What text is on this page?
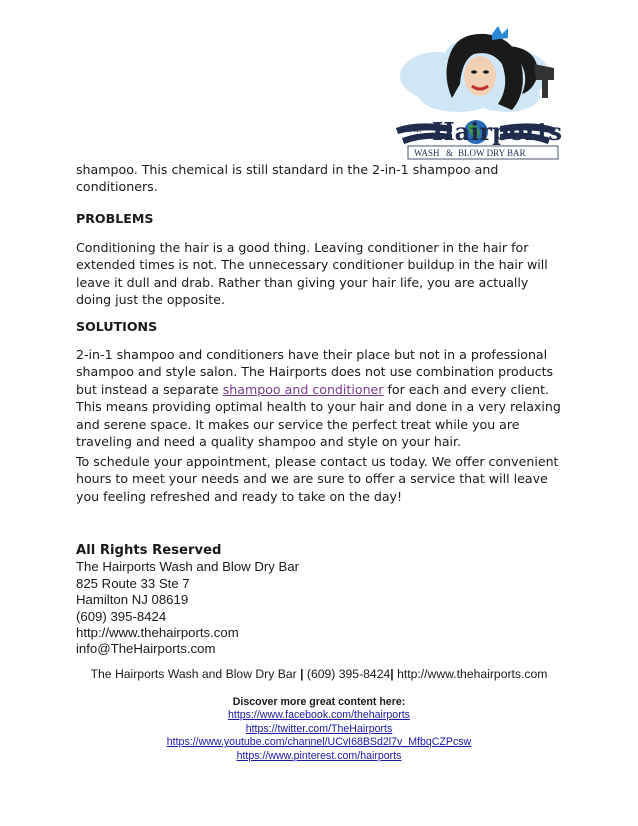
THE Hairports
WASH & BLOW DRY BAR

shampoo. This chemical is still standard in the 2-in-1 shampoo and conditioners.

PROBLEMS

Conditioning the hair is a good thing. Leaving conditioner in the hair for extended times is not. The unnecessary conditioner buildup in the hair will leave it dull and drab. Rather than giving your hair life, you are actually doing just the opposite.

SOLUTIONS

2-in-1 shampoo and conditioners have their place but not in a professional shampoo and style salon. The Hairports does not use combination products but instead a separate shampoo and conditioner for each and every client. This means providing optimal health to your hair and done in a very relaxing and serene space. It makes our service the perfect treat while you are traveling and need a quality shampoo and style on your hair.

To schedule your appointment, please contact us today. We offer convenient hours to meet your needs and we are sure to offer a service that will leave you feeling refreshed and ready to take on the day!

All Rights Reserved
The Hairports Wash and Blow Dry Bar
825 Route 33 Ste 7
Hamilton NJ 08619
(609) 395-8424
http://www.thehairports.com
info@TheHairports.com
The Hairports Wash and Blow Dry Bar | (609) 395-8424| http://www.thehairports.com
Discover more great content here:
https://www.facebook.com/thehairports
https://twitter.com/TheHairports
https://www.youtube.com/channel/UCvI68BSd2l7v_MfbqCZPcsw
https://www.pinterest.com/hairports
